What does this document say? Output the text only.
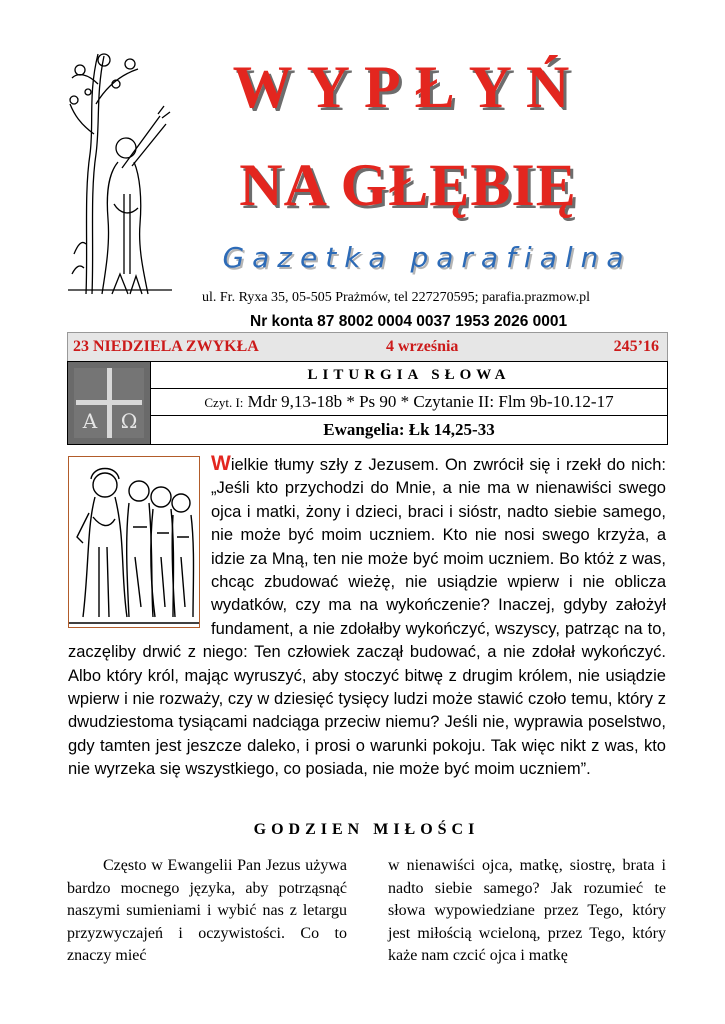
WYPŁYŃ
NA GŁĘBIĘ
Gazetka parafialna
ul. Fr. Ryxa 35, 05-505 Prażmów, tel 227270595; parafia.prazmow.pl
Nr konta 87 8002 0004 0037 1953 2026 0001
23 NIEDZIELA ZWYKŁA	4 września	245’16
A Ω
LITURGIA SŁOWA
Czyt. I: Mdr 9,13-18b * Ps 90 * Czytanie II: Flm 9b-10.12-17
Ewangelia: Łk 14,25-33
Wielkie tłumy szły z Jezusem. On zwrócił się i rzekł do nich: „Jeśli kto przychodzi do Mnie, a nie ma w nienawiści swego ojca i matki, żony i dzieci, braci i sióstr, nadto siebie samego, nie może być moim uczniem. Kto nie nosi swego krzyża, a idzie za Mną, ten nie może być moim uczniem. Bo któż z was, chcąc zbudować wieżę, nie usiądzie wpierw i nie oblicza wydatków, czy ma na wykończenie? Inaczej, gdyby założył fundament, a nie zdołałby wykończyć, wszyscy, patrząc na to, zaczęliby drwić z niego: Ten człowiek zaczął budować, a nie zdołał wykończyć. Albo który król, mając wyruszyć, aby stoczyć bitwę z drugim królem, nie usiądzie wpierw i nie rozważy, czy w dziesięć tysięcy ludzi może stawić czoło temu, który z dwudziestoma tysiącami nadciąga przeciw niemu? Jeśli nie, wyprawia poselstwo, gdy tamten jest jeszcze daleko, i prosi o warunki pokoju. Tak więc nikt z was, kto nie wyrzeka się wszystkiego, co posiada, nie może być moim uczniem”.
GODZIEN MIŁOŚCI
Często w Ewangelii Pan Jezus używa bardzo mocnego języka, aby potrząsnąć naszymi sumieniami i wybić nas z letargu przyzwyczajeń i oczywistości. Co to znaczy mieć
w nienawiści ojca, matkę, siostrę, brata i nadto siebie samego? Jak rozumieć te słowa wypowiedziane przez Tego, który jest miłością wcieloną, przez Tego, który każe nam czcić ojca i matkę
